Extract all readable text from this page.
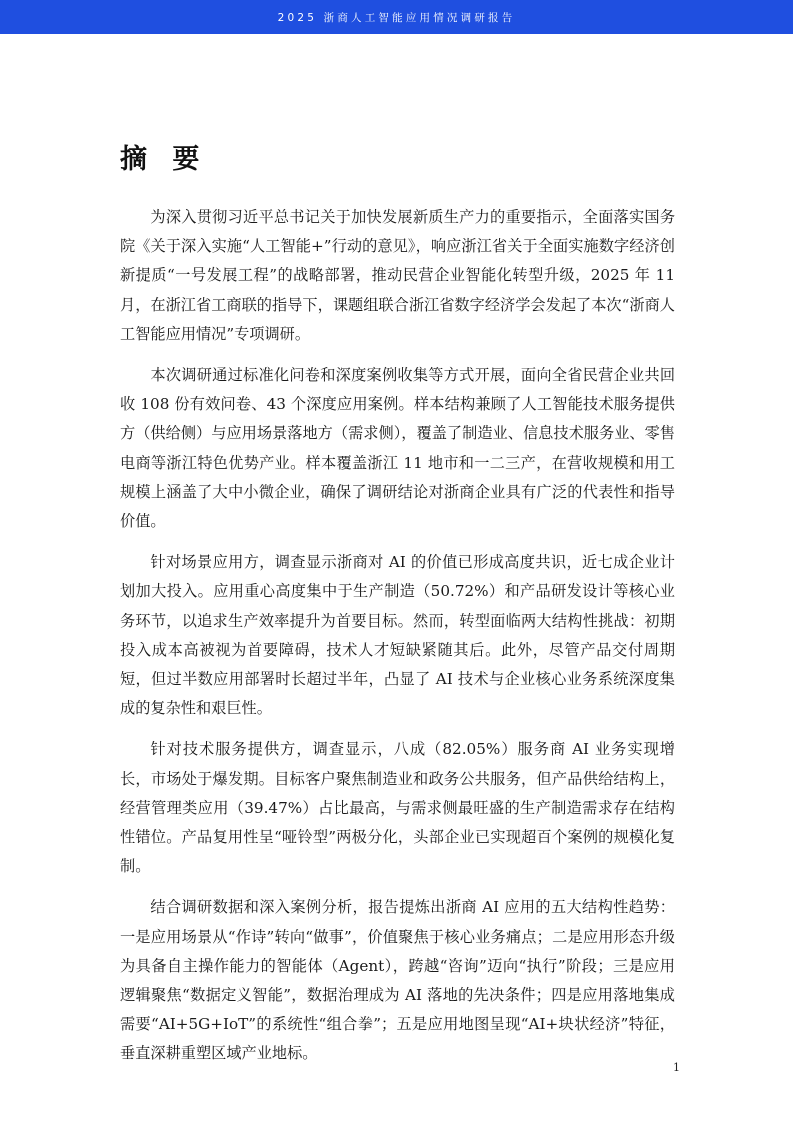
2025 浙商人工智能应用情况调研报告
摘 要

为深入贯彻习近平总书记关于加快发展新质生产力的重要指示，全面落实国务院《关于深入实施“人工智能+”行动的意见》，响应浙江省关于全面实施数字经济创新提质“一号发展工程”的战略部署，推动民营企业智能化转型升级，2025 年 11 月，在浙江省工商联的指导下，课题组联合浙江省数字经济学会发起了本次“浙商人工智能应用情况”专项调研。

本次调研通过标准化问卷和深度案例收集等方式开展，面向全省民营企业共回收 108 份有效问卷、43 个深度应用案例。样本结构兼顾了人工智能技术服务提供方（供给侧）与应用场景落地方（需求侧），覆盖了制造业、信息技术服务业、零售电商等浙江特色优势产业。样本覆盖浙江 11 地市和一二三产，在营收规模和用工规模上涵盖了大中小微企业，确保了调研结论对浙商企业具有广泛的代表性和指导价值。

针对场景应用方，调查显示浙商对 AI 的价值已形成高度共识，近七成企业计划加大投入。应用重心高度集中于生产制造（50.72%）和产品研发设计等核心业务环节，以追求生产效率提升为首要目标。然而，转型面临两大结构性挑战：初期投入成本高被视为首要障碍，技术人才短缺紧随其后。此外，尽管产品交付周期短，但过半数应用部署时长超过半年，凸显了 AI 技术与企业核心业务系统深度集成的复杂性和艰巨性。

针对技术服务提供方，调查显示，八成（82.05%）服务商 AI 业务实现增长，市场处于爆发期。目标客户聚焦制造业和政务公共服务，但产品供给结构上，经营管理类应用（39.47%）占比最高，与需求侧最旺盛的生产制造需求存在结构性错位。产品复用性呈“哑铃型”两极分化，头部企业已实现超百个案例的规模化复制。

结合调研数据和深入案例分析，报告提炼出浙商 AI 应用的五大结构性趋势：一是应用场景从“作诗”转向“做事”，价值聚焦于核心业务痛点；二是应用形态升级为具备自主操作能力的智能体（Agent），跨越“咨询”迈向“执行”阶段；三是应用逻辑聚焦“数据定义智能”，数据治理成为 AI 落地的先决条件；四是应用落地集成需要“AI+5G+IoT”的系统性“组合拳”；五是应用地图呈现“AI+块状经济”特征，垂直深耕重塑区域产业地标。

1
